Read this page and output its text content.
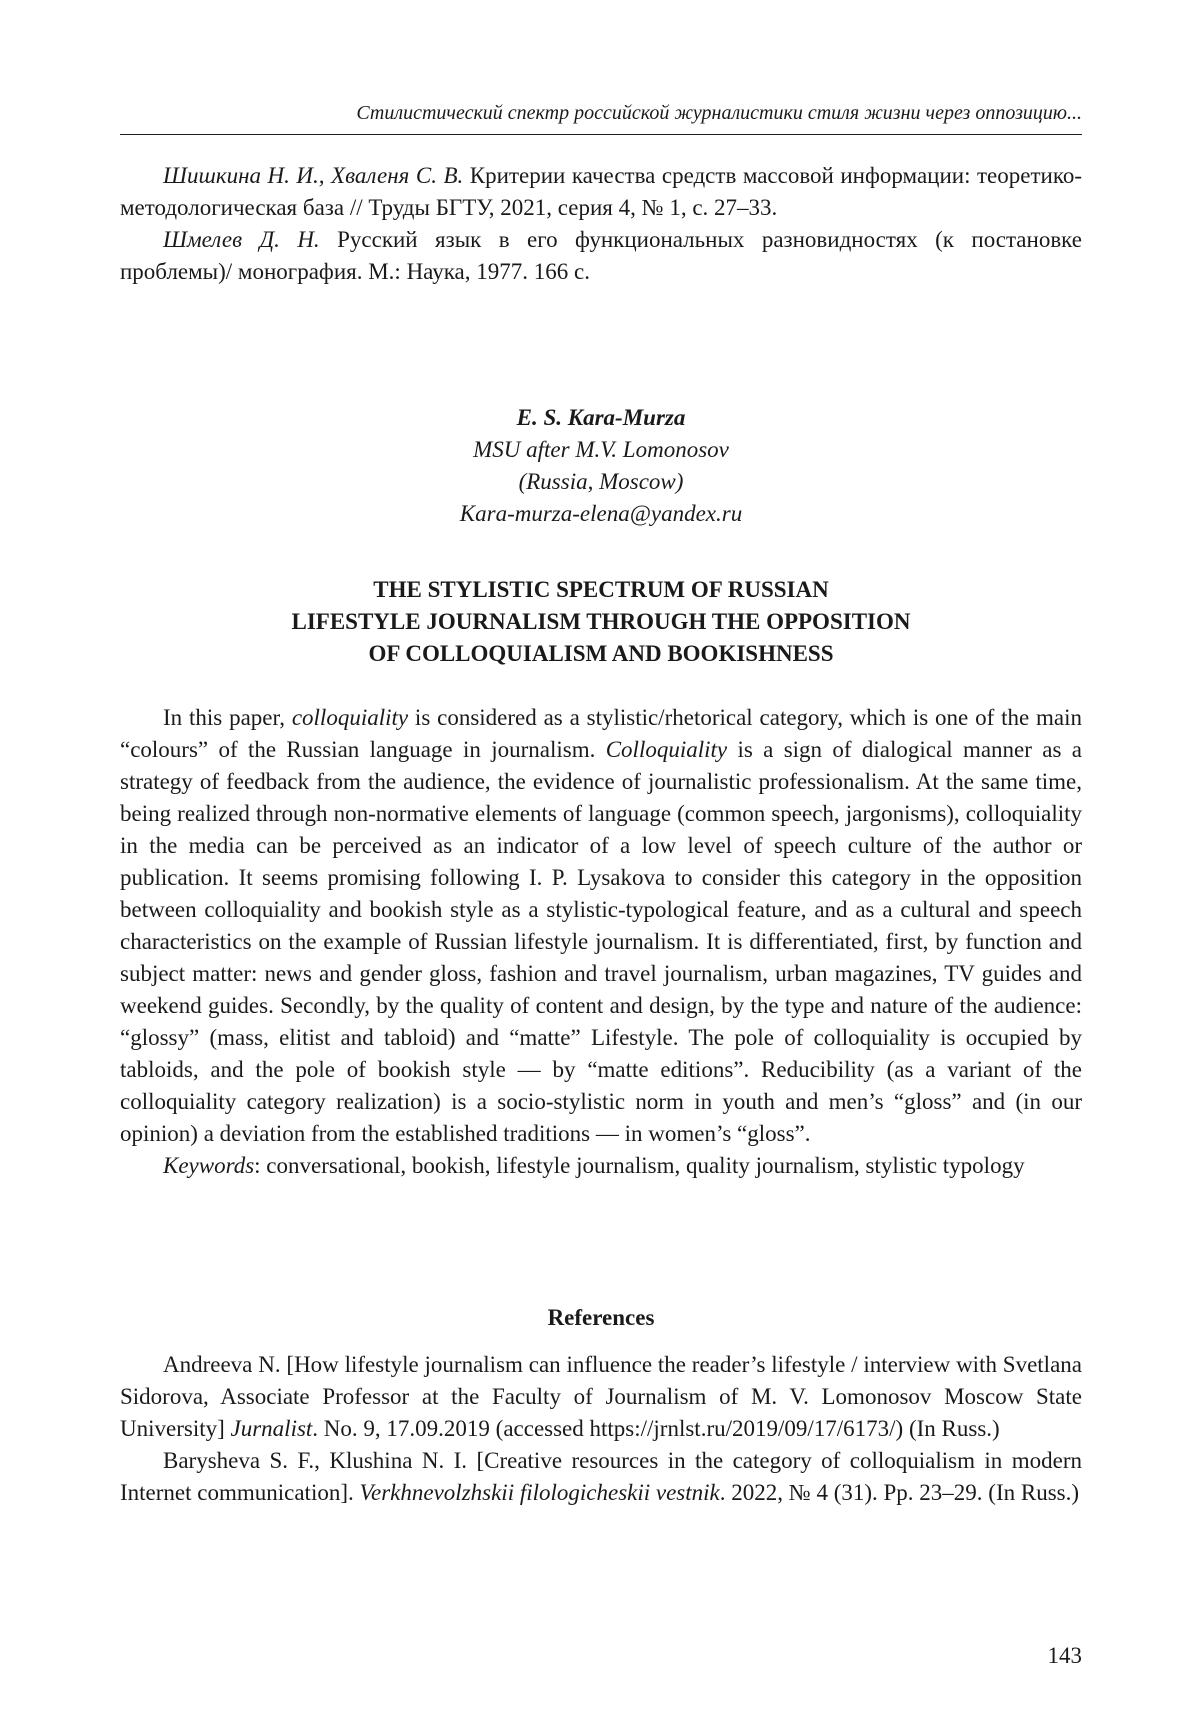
Стилистический спектр российской журналистики стиля жизни через оппозицию...

Шишкина Н. И., Хваленя С. В. Критерии качества средств массовой информации: теоретико-методологическая база // Труды БГТУ, 2021, серия 4, № 1, с. 27–33.

Шмелев Д. Н. Русский язык в его функциональных разновидностях (к постановке проблемы)/ монография. М.: Наука, 1977. 166 с.

E. S. Kara-Murza
MSU after M.V. Lomonosov
(Russia, Moscow)
Kara-murza-elena@yandex.ru
THE STYLISTIC SPECTRUM OF RUSSIAN
LIFESTYLE JOURNALISM THROUGH THE OPPOSITION
OF COLLOQUIALISM AND BOOKISHNESS

In this paper, colloquiality is considered as a stylistic/rhetorical category, which is one of the main “colours” of the Russian language in journalism. Colloquiality is a sign of dialogical manner as a strategy of feedback from the audience, the evidence of journalistic professionalism. At the same time, being realized through non-normative elements of language (common speech, jargonisms), colloquiality in the media can be perceived as an indicator of a low level of speech culture of the author or publication. It seems promising following I. P. Lysakova to consider this category in the opposition between colloquiality and bookish style as a stylistic-typological feature, and as a cultural and speech characteristics on the example of Russian lifestyle journalism. It is differentiated, first, by function and subject matter: news and gender gloss, fashion and travel journalism, urban magazines, TV guides and weekend guides. Secondly, by the quality of content and design, by the type and nature of the audience: “glossy” (mass, elitist and tabloid) and “matte” Lifestyle. The pole of colloquiality is occupied by tabloids, and the pole of bookish style — by “matte editions”. Reducibility (as a variant of the colloquiality category realization) is a socio-stylistic norm in youth and men’s “gloss” and (in our opinion) a deviation from the established traditions — in women’s “gloss”.

Keywords: conversational, bookish, lifestyle journalism, quality journalism, stylistic typology

References

Andreeva N. [How lifestyle journalism can influence the reader’s lifestyle / interview with Svetlana Sidorova, Associate Professor at the Faculty of Journalism of M. V. Lomonosov Moscow State University] Jurnalist. No. 9, 17.09.2019 (accessed https://jrnlst.ru/2019/09/17/6173/) (In Russ.)

Barysheva S. F., Klushina N. I. [Creative resources in the category of colloquialism in modern Internet communication]. Verkhnevolzhskii filologicheskii vestnik. 2022, № 4 (31). Pp. 23–29. (In Russ.)

143
